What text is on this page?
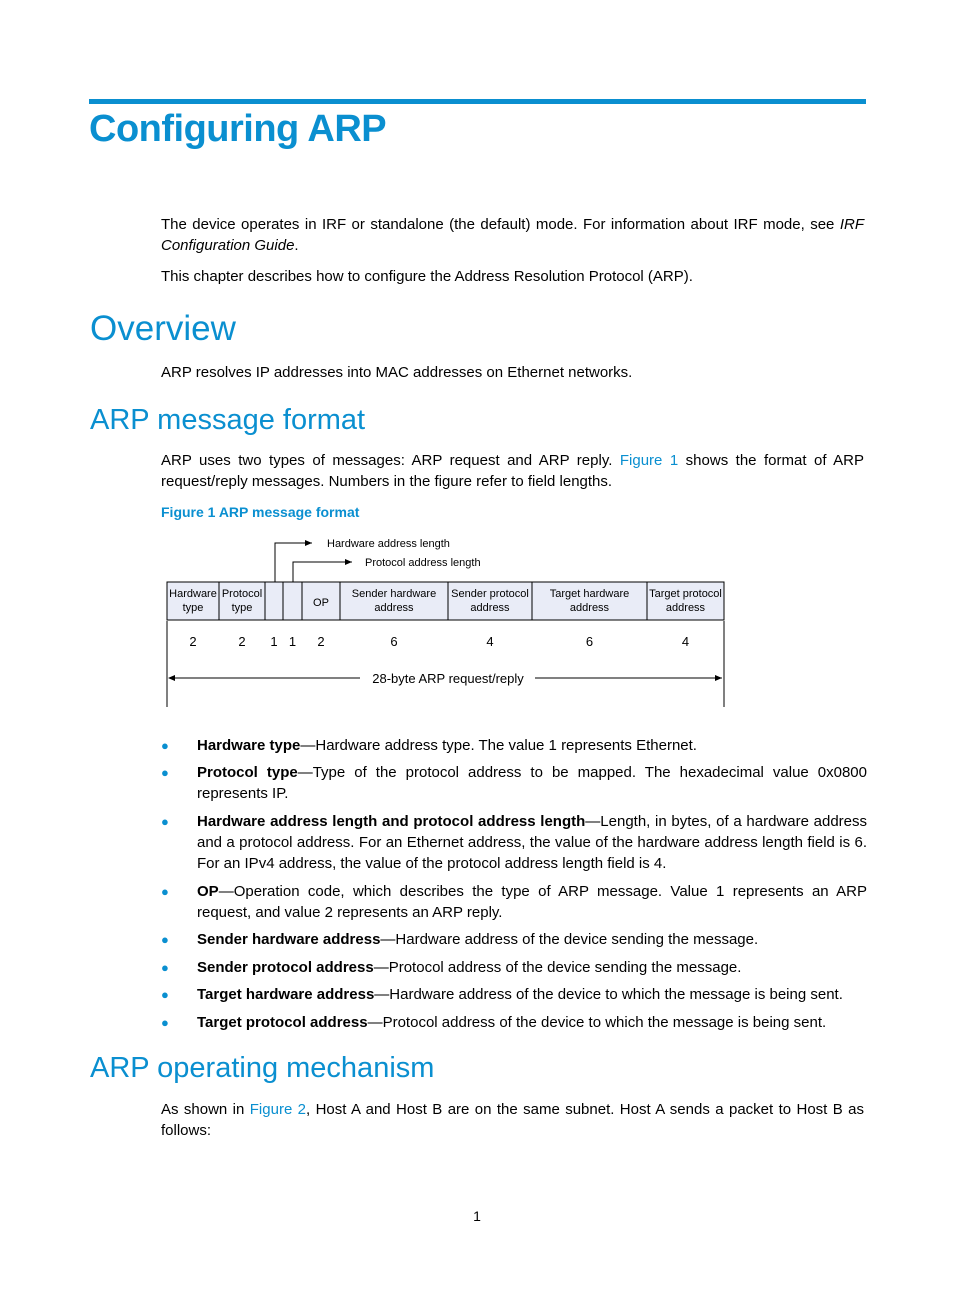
Configuring ARP

The device operates in IRF or standalone (the default) mode. For information about IRF mode, see IRF Configuration Guide.

This chapter describes how to configure the Address Resolution Protocol (ARP).

Overview

ARP resolves IP addresses into MAC addresses on Ethernet networks.

ARP message format

ARP uses two types of messages: ARP request and ARP reply. Figure 1 shows the format of ARP request/reply messages. Numbers in the figure refer to field lengths.

Figure 1 ARP message format
Hardware address length
Protocol address length
Hardware
type
Protocol
type	OP
Sender hardware
address
Sender protocol
address
Target hardware
address
Target protocol
address
2	2 1 1 2	6	4	6	4
28-byte ARP request/reply
● Hardware type—Hardware address type. The value 1 represents Ethernet.
● Protocol type—Type of the protocol address to be mapped. The hexadecimal value 0x0800 represents IP.
● Hardware address length and protocol address length—Length, in bytes, of a hardware address and a protocol address. For an Ethernet address, the value of the hardware address length field is 6. For an IPv4 address, the value of the protocol address length field is 4.
● OP—Operation code, which describes the type of ARP message. Value 1 represents an ARP request, and value 2 represents an ARP reply.
● Sender hardware address—Hardware address of the device sending the message.
● Sender protocol address—Protocol address of the device sending the message.
● Target hardware address—Hardware address of the device to which the message is being sent.
● Target protocol address—Protocol address of the device to which the message is being sent.
ARP operating mechanism

As shown in Figure 2, Host A and Host B are on the same subnet. Host A sends a packet to Host B as follows:

1
